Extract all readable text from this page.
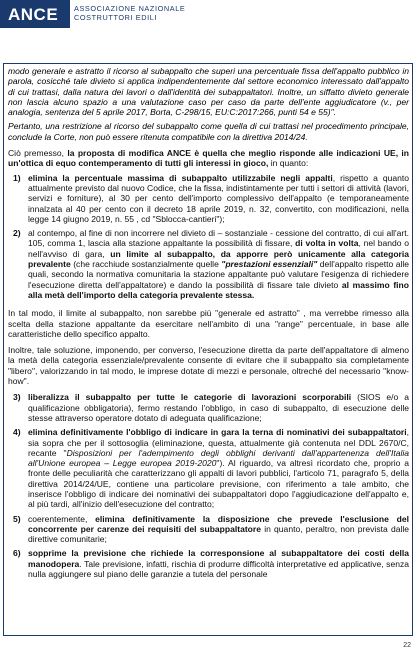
ANCE ASSOCIAZIONE NAZIONALE
COSTRUTTORI EDILI

modo generale e astratto il ricorso al subappalto che superi una percentuale fissa dell'appalto pubblico in parola, cosicché tale divieto si applica indipendentemente dal settore economico interessato dall'appalto di cui trattasi, dalla natura dei lavori o dall'identità dei subappaltatori. Inoltre, un siffatto divieto generale non lascia alcuno spazio a una valutazione caso per caso da parte dell'ente aggiudicatore (v., per analogia, sentenza del 5 aprile 2017, Borta, C-298/15, EU:C:2017:266, punti 54 e 55)".

Pertanto, una restrizione al ricorso del subappalto come quella di cui trattasi nel procedimento principale, conclude la Corte, non può essere ritenuta compatibile con la direttiva 2014/24.

Ciò premesso, la proposta di modifica ANCE è quella che meglio risponde alle indicazioni UE, in un'ottica di equo contemperamento di tutti gli interessi in gioco, in quanto:

1) elimina la percentuale massima di subappalto utilizzabile negli appalti, rispetto a quanto attualmente previsto dal nuovo Codice, che la fissa, indistintamente per tutti i settori di attività (lavori, servizi e forniture), al 30 per cento dell'importo complessivo dell'appalto (e temporaneamente innalzata al 40 per cento con il decreto 18 aprile 2019, n. 32, convertito, con modificazioni, nella legge 14 giugno 2019, n. 55 , cd "Sblocca-cantieri");
2) al contempo, al fine di non incorrere nel divieto di – sostanziale - cessione del contratto, di cui all'art. 105, comma 1, lascia alla stazione appaltante la possibilità di fissare, di volta in volta, nel bando o nell'avviso di gara, un limite al subappalto, da apporre però unicamente alla categoria prevalente (che racchiude sostanzialmente quelle "prestazioni essenziali" dell'appalto rispetto alle quali, secondo la normativa comunitaria la stazione appaltante può valutare l'esigenza di richiedere l'esecuzione diretta dell'appaltatore) e dando la possibilità di fissare tale divieto al massimo fino alla metà dell'importo della categoria prevalente stessa.

In tal modo, il limite al subappalto, non sarebbe più "generale ed astratto" , ma verrebbe rimesso alla scelta della stazione appaltante da esercitare nell'ambito di una "range" percentuale, in base alle caratteristiche dello specifico appalto.

Inoltre, tale soluzione, imponendo, per converso, l'esecuzione diretta da parte dell'appaltatore di almeno la metà della categoria essenziale/prevalente consente di evitare che il subappalto sia completamente "libero", valorizzando in tal modo, le imprese dotate di mezzi e personale, oltreché del necessario "know-how".

3) liberalizza il subappalto per tutte le categorie di lavorazioni scorporabili (SIOS e/o a qualificazione obbligatoria), fermo restando l'obbligo, in caso di subappalto, di esecuzione delle stesse attraverso operatore dotato di adeguata qualificazione;
4) elimina definitivamente l'obbligo di indicare in gara la terna di nominativi dei subappaltatori, sia sopra che per il sottosoglia (eliminazione, questa, attualmente già contenuta nel DDL 2670/C, recante "Disposizioni per l'adempimento degli obblighi derivanti dall'appartenenza dell'Italia all'Unione europea – Legge europea 2019-2020"). Al riguardo, va altresì ricordato che, proprio a fronte delle peculiarità che caratterizzano gli appalti di lavori pubblici, l'articolo 71, paragrafo 5, della direttiva 2014/24/UE, contiene una particolare previsione, con riferimento a tale ambito, che inserisce l'obbligo di indicare dei nominativi dei subappaltatori dopo l'aggiudicazione dell'appalto e, al più tardi, all'inizio dell'esecuzione del contratto;
5) coerentemente, elimina definitivamente la disposizione che prevede l'esclusione del concorrente per carenze dei requisiti del subappaltatore in quanto, peraltro, non prevista dalle direttive comunitarie;
6) sopprime la previsione che richiede la corresponsione al subappaltatore dei costi della manodopera. Tale previsione, infatti, rischia di produrre difficoltà interpretative ed applicative, senza nulla aggiungere sul piano delle garanzie a tutela del personale
22
